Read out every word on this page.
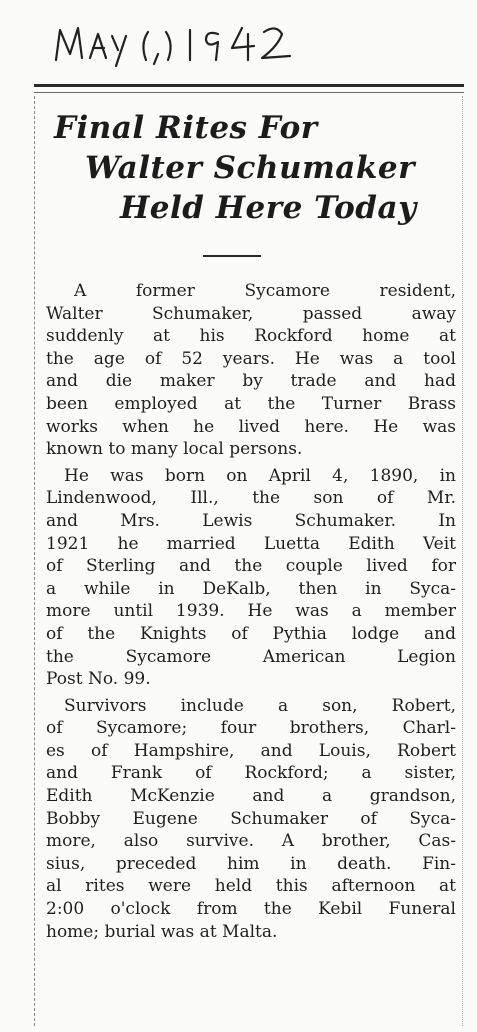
Final Rites For
Walter Schumaker
Held Here Today

A former Sycamore resident,
Walter Schumaker, passed away
suddenly at his Rockford home at
the age of 52 years. He was a tool
and die maker by trade and had
been employed at the Turner Brass
works when he lived here. He was
known to many local persons.

He was born on April 4, 1890, in
Lindenwood, Ill., the son of Mr.
and Mrs. Lewis Schumaker. In
1921 he married Luetta Edith Veit
of Sterling and the couple lived for
a while in DeKalb, then in Syca-
more until 1939. He was a member
of the Knights of Pythia lodge and
the Sycamore American Legion
Post No. 99.

Survivors include a son, Robert,
of Sycamore; four brothers, Charl-
es of Hampshire, and Louis, Robert
and Frank of Rockford; a sister,
Edith McKenzie and a grandson,
Bobby Eugene Schumaker of Syca-
more, also survive. A brother, Cas-
sius, preceded him in death. Fin-
al rites were held this afternoon at
2:00 o'clock from the Kebil Funeral
home; burial was at Malta.
